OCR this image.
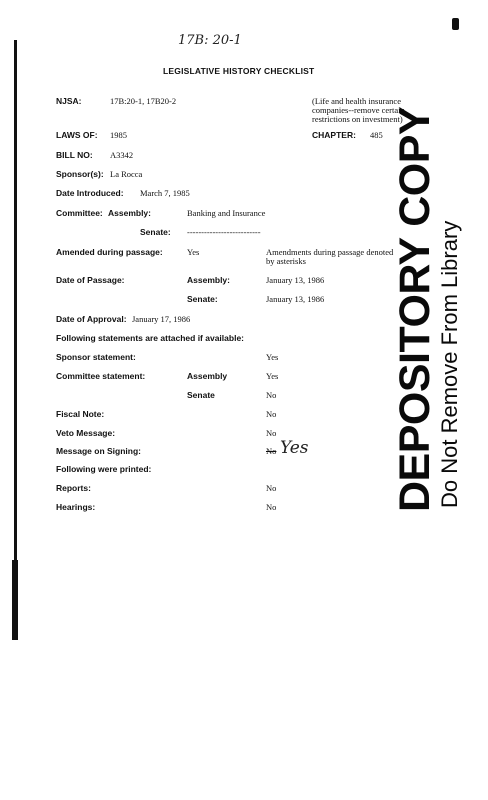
17B: 20-1
LEGISLATIVE HISTORY CHECKLIST
NJSA:	17B:20-1, 17B20-2	(Life and health insurance
companies--remove certain
restrictions on investment)
LAWS OF: 1985	CHAPTER: 485
BILL NO: A3342
Sponsor(s): La Rocca
Date Introduced: March 7, 1985
Committee: Assembly:	Banking and Insurance
Senate: --------------------------
Amended during passage:	Yes	Amendments during passage denoted
by asterisks
Date of Passage:	Assembly:	January 13, 1986
Senate:	January 13, 1986
Date of Approval: January 17, 1986
Following statements are attached if available:
Sponsor statement:	Yes
Committee statement:	Assembly	Yes
Senate	No
Fiscal Note:	No
Veto Message:	No
Message on Signing:	No Yes
Following were printed:
Reports:	No
Hearings:	No	DEPOSITORY COPY
Do Not Remove From Library
